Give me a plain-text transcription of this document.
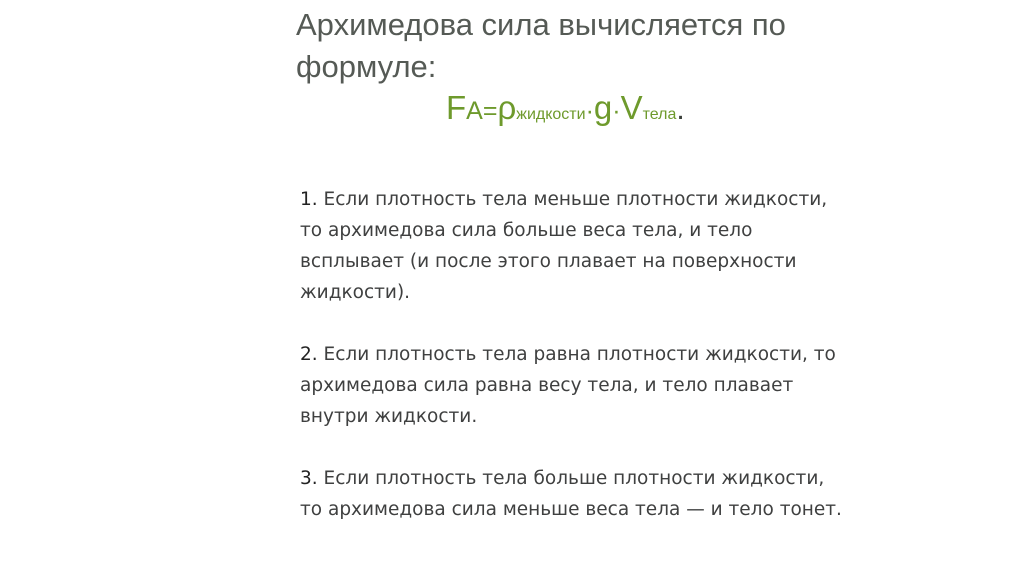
Архимедова сила вычисляется по
формуле:
FA=ρжидкости·g·Vтела.
1. Если плотность тела меньше плотности жидкости,
то архимедова сила больше веса тела, и тело
всплывает (и после этого плавает на поверхности
жидкости).
2. Если плотность тела равна плотности жидкости, то
архимедова сила равна весу тела, и тело плавает
внутри жидкости.
3. Если плотность тела больше плотности жидкости,
то архимедова сила меньше веса тела — и тело тонет.
